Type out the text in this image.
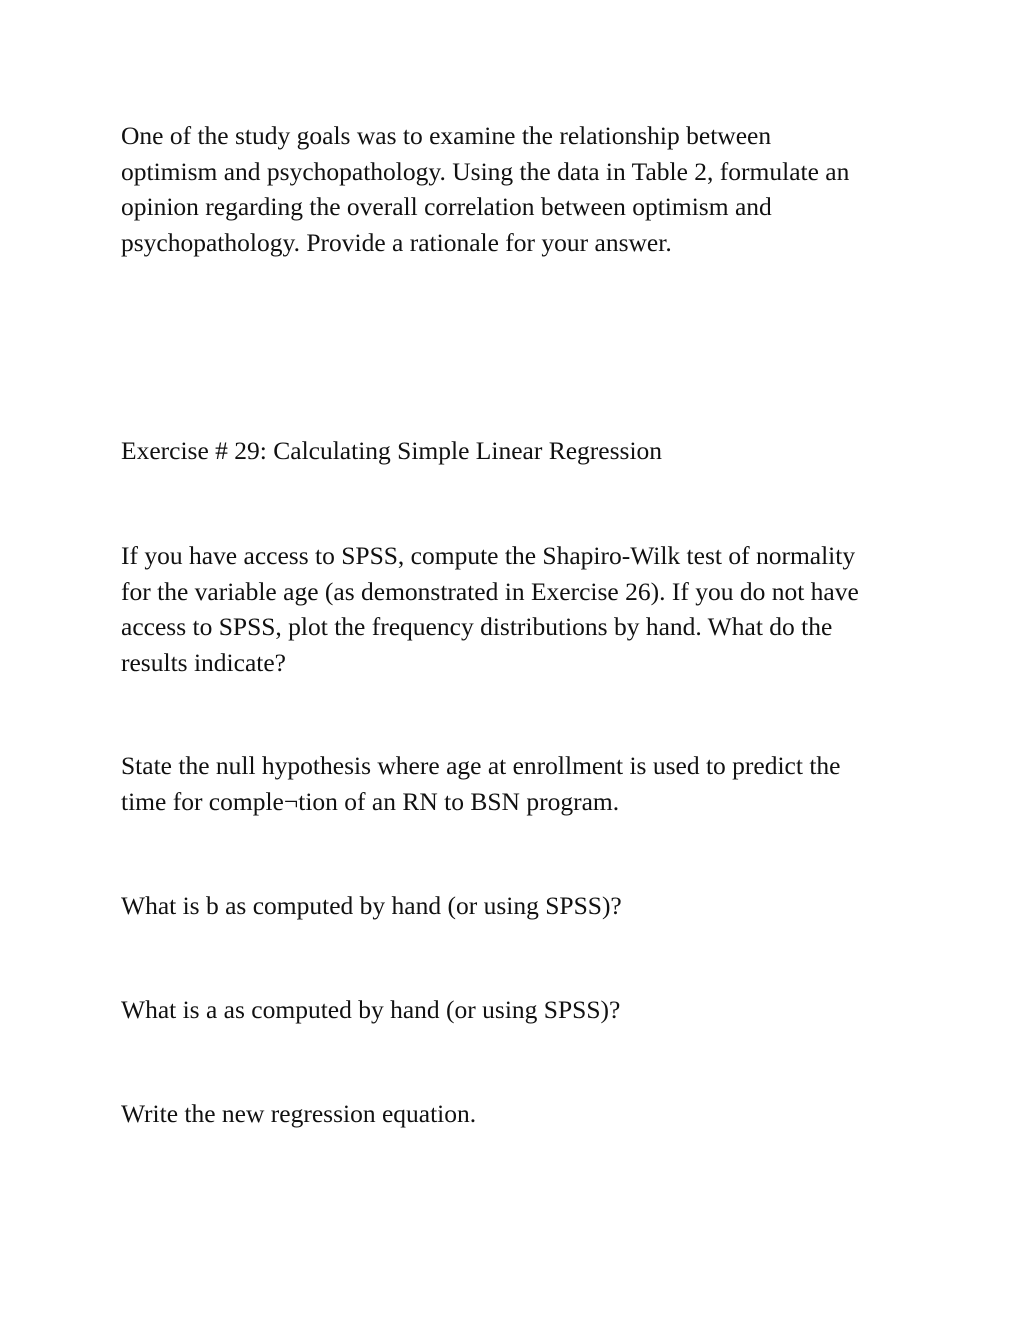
One of the study goals was to examine the relationship between
optimism and psychopathology. Using the data in Table 2, formulate an
opinion regarding the overall correlation between optimism and
psychopathology. Provide a rationale for your answer.

Exercise # 29: Calculating Simple Linear Regression

If you have access to SPSS, compute the Shapiro-Wilk test of normality
for the variable age (as demonstrated in Exercise 26). If you do not have
access to SPSS, plot the frequency distributions by hand. What do the
results indicate?

State the null hypothesis where age at enrollment is used to predict the
time for comple¬tion of an RN to BSN program.

What is b as computed by hand (or using SPSS)?

What is a as computed by hand (or using SPSS)?

Write the new regression equation.
